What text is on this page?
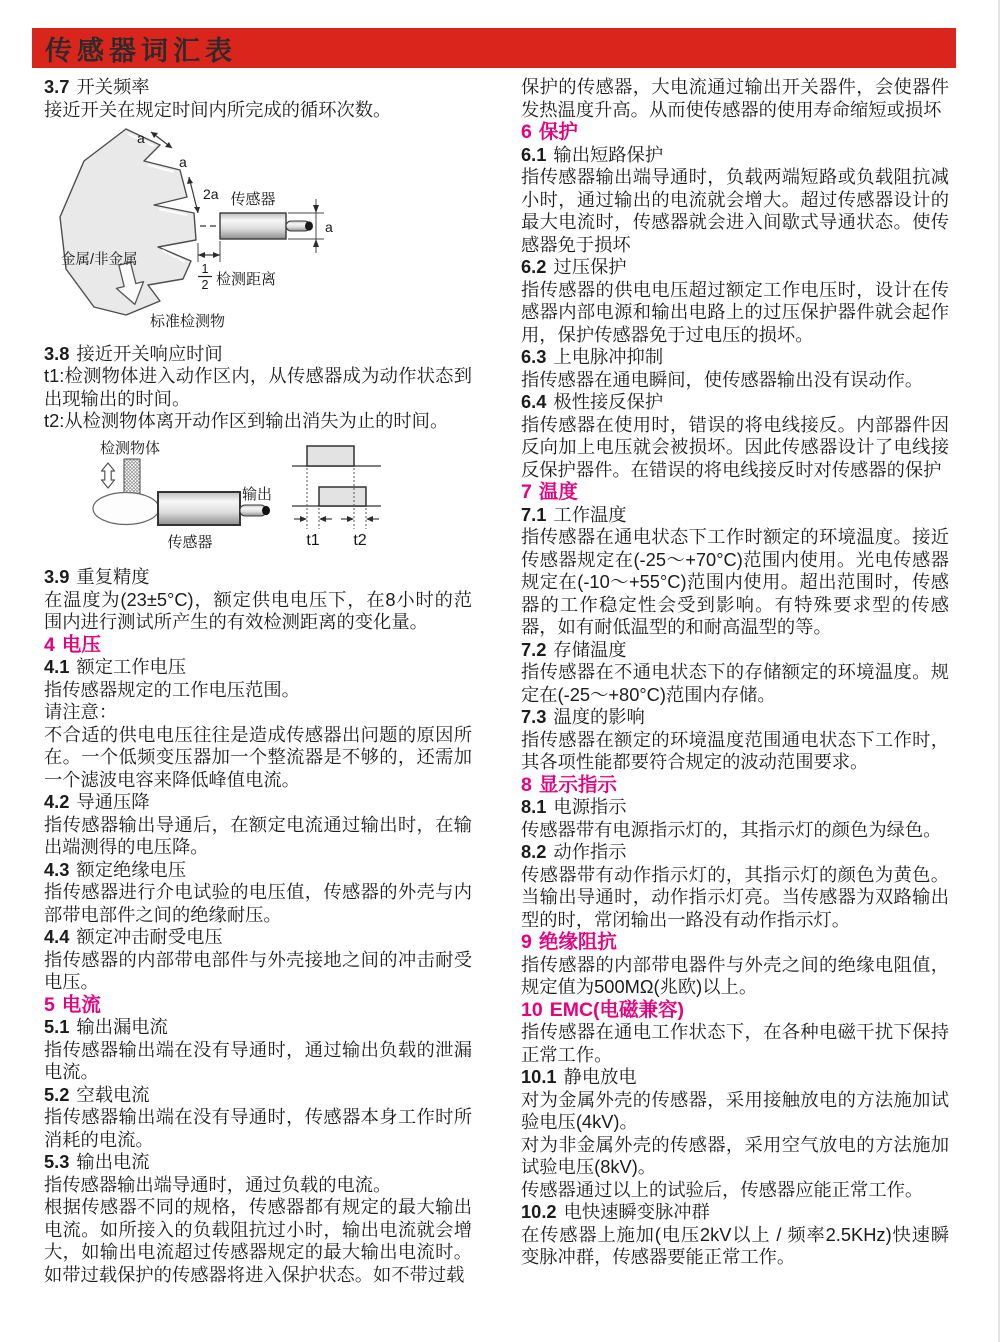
传感器词汇表

3.7 开关频率

接近开关在规定时间内所完成的循环次数。

金属/非金属
a
a
2a 传感器
a
1
2 检测距离
标准检测物

3.8 接近开关响应时间

t1:检测物体进入动作区内，从传感器成为动作状态到出现输出的时间。

t2:从检测物体离开动作区到输出消失为止的时间。

检测物体
输出
传感器	t1 t2

3.9 重复精度

在温度为(23±5°C)，额定供电电压下，在8小时的范围内进行测试所产生的有效检测距离的变化量。

4 电压

4.1 额定工作电压

指传感器规定的工作电压范围。

请注意：

不合适的供电电压往往是造成传感器出问题的原因所在。一个低频变压器加一个整流器是不够的，还需加一个滤波电容来降低峰值电流。

4.2 导通压降

指传感器输出导通后，在额定电流通过输出时，在输出端测得的电压降。

4.3 额定绝缘电压

指传感器进行介电试验的电压值，传感器的外壳与内部带电部件之间的绝缘耐压。

4.4 额定冲击耐受电压

指传感器的内部带电部件与外壳接地之间的冲击耐受电压。

5 电流

5.1 输出漏电流

指传感器输出端在没有导通时，通过输出负载的泄漏电流。

5.2 空载电流

指传感器输出端在没有导通时，传感器本身工作时所消耗的电流。

5.3 输出电流

指传感器输出端导通时，通过负载的电流。

根据传感器不同的规格，传感器都有规定的最大输出电流。如所接入的负载阻抗过小时，输出电流就会增大，如输出电流超过传感器规定的最大输出电流时。如带过载保护的传感器将进入保护状态。如不带过载

保护的传感器，大电流通过输出开关器件，会使器件发热温度升高。从而使传感器的使用寿命缩短或损坏

6 保护

6.1 输出短路保护

指传感器输出端导通时，负载两端短路或负载阻抗减小时，通过输出的电流就会增大。超过传感器设计的最大电流时，传感器就会进入间歇式导通状态。使传感器免于损坏

6.2 过压保护

指传感器的供电电压超过额定工作电压时，设计在传感器内部电源和输出电路上的过压保护器件就会起作用，保护传感器免于过电压的损坏。

6.3 上电脉冲抑制

指传感器在通电瞬间，使传感器输出没有误动作。

6.4 极性接反保护

指传感器在使用时，错误的将电线接反。内部器件因反向加上电压就会被损坏。因此传感器设计了电线接反保护器件。在错误的将电线接反时对传感器的保护

7 温度

7.1 工作温度

指传感器在通电状态下工作时额定的环境温度。接近传感器规定在(-25～+70°C)范围内使用。光电传感器规定在(-10～+55°C)范围内使用。超出范围时，传感器的工作稳定性会受到影响。有特殊要求型的传感器，如有耐低温型的和耐高温型的等。

7.2 存储温度

指传感器在不通电状态下的存储额定的环境温度。规定在(-25～+80°C)范围内存储。

7.3 温度的影响

指传感器在额定的环境温度范围通电状态下工作时，其各项性能都要符合规定的波动范围要求。

8 显示指示

8.1 电源指示

传感器带有电源指示灯的，其指示灯的颜色为绿色。

8.2 动作指示

传感器带有动作指示灯的，其指示灯的颜色为黄色。当输出导通时，动作指示灯亮。当传感器为双路输出型的时，常闭输出一路没有动作指示灯。

9 绝缘阻抗

指传感器的内部带电器件与外壳之间的绝缘电阻值，规定值为500MΩ(兆欧)以上。

10 EMC(电磁兼容)

指传感器在通电工作状态下，在各种电磁干扰下保持正常工作。

10.1 静电放电

对为金属外壳的传感器，采用接触放电的方法施加试验电压(4kV)。

对为非金属外壳的传感器，采用空气放电的方法施加试验电压(8kV)。

传感器通过以上的试验后，传感器应能正常工作。

10.2 电快速瞬变脉冲群

在传感器上施加(电压2kV以上 / 频率2.5KHz)快速瞬变脉冲群，传感器要能正常工作。
